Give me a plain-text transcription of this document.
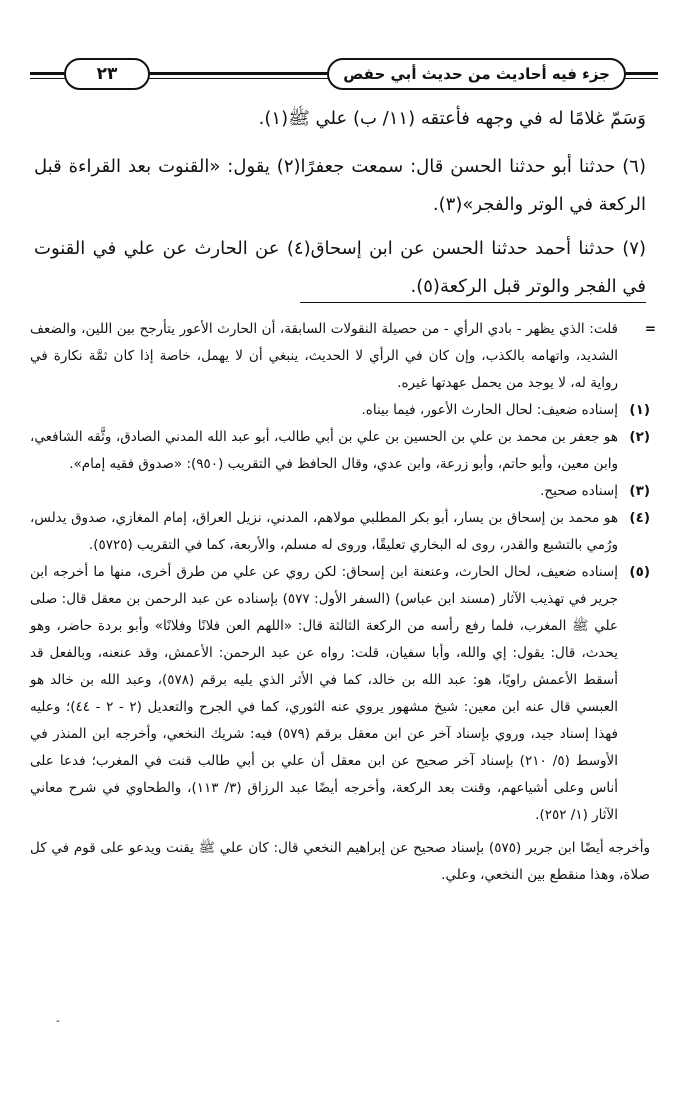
جزء فيه أحاديث من حديث أبي حفص
٢٣

وَسَمّ غلامًا له في وجهه فأعتقه (١١/ ب) علي ﷺ(١).

(٦) حدثنا أبو حدثنا الحسن قال: سمعت جعفرًا(٢) يقول: «القنوت بعد القراءة قبل الركعة في الوتر والفجر»(٣).

(٧) حدثنا أحمد حدثنا الحسن عن ابن إسحاق(٤) عن الحارث عن علي في القنوت في الفجر والوتر قبل الركعة(٥).

=
قلت: الذي يظهر - بادي الرأي - من حصيلة النقولات السابقة، أن الحارث الأعور يتأرجح بين اللين، والضعف الشديد، واتهامه بالكذب، وإن كان في الرأي لا الحديث، ينبغي أن لا يهمل، خاصة إذا كان ثمَّة نكارة في رواية له، لا يوجد من يحمل عهدتها غيره.
(١)
إسناده ضعيف: لحال الحارث الأعور، فيما بيناه.
(٢)
هو جعفر بن محمد بن علي بن الحسين بن علي بن أبي طالب، أبو عبد الله المدني الصادق، وثَّقه الشافعي، وابن معين، وأبو حاتم، وأبو زرعة، وابن عدي، وقال الحافظ في التقريب (٩٥٠): «صدوق فقيه إمام».
(٣)
إسناده صحيح.
(٤)
هو محمد بن إسحاق بن يسار، أبو بكر المطلبي مولاهم، المدني، نزيل العراق، إمام المغازي، صدوق يدلس، ورُمي بالتشيع والقدر، روى له البخاري تعليقًا، وروى له مسلم، والأربعة، كما في التقريب (٥٧٢٥).
(٥)
إسناده ضعيف، لحال الحارث، وعنعنة ابن إسحاق: لكن روي عن علي من طرق أخرى، منها ما أخرجه ابن جرير في تهذيب الآثار (مسند ابن عباس) (السفر الأول: ٥٧٧) بإسناده عن عبد الرحمن بن معقل قال: صلى علي ﷺ المغرب، فلما رفع رأسه من الركعة الثالثة قال: «اللهم العن فلانًا وفلانًا» وأبو بردة حاضر، وهو يحدث، قال: يقول: إي والله، وأبا سفيان، قلت: رواه عن عبد الرحمن: الأعمش، وقد عنعنه، وبالفعل قد أسقط الأعمش راويًا، هو: عبد الله بن خالد، كما في الأثر الذي يليه برقم (٥٧٨)، وعبد الله بن خالد هو العبسي قال عنه ابن معين: شيخ مشهور يروي عنه الثوري، كما في الجرح والتعديل (٢ - ٢ - ٤٤)؛ وعليه فهذا إسناد جيد، وروي بإسناد آخر عن ابن معقل برقم (٥٧٩) فيه: شريك النخعي، وأخرجه ابن المنذر في الأوسط (٥/ ٢١٠) بإسناد آخر صحيح عن ابن معقل أن علي بن أبي طالب قنت في المغرب؛ فدعا على أناس وعلى أشياعهم، وقنت بعد الركعة، وأخرجه أيضًا عبد الرزاق (٣/ ١١٣)، والطحاوي في شرح معاني الآثار (١/ ٢٥٢).
وأخرجه أيضًا ابن جرير (٥٧٥) بإسناد صحيح عن إبراهيم النخعي قال: كان علي ﷺ يقنت ويدعو على قوم في كل صلاة، وهذا منقطع بين النخعي، وعلي.
-
